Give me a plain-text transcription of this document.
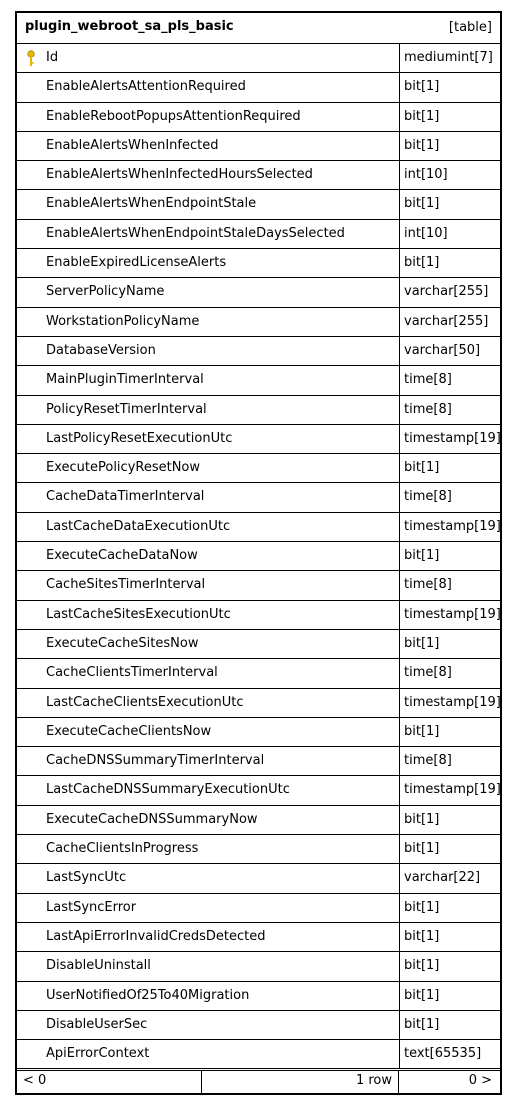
plugin_webroot_sa_pls_basic	[table]
Id	mediumint[7]
EnableAlertsAttentionRequired	bit[1]
EnableRebootPopupsAttentionRequired	bit[1]
EnableAlertsWhenInfected	bit[1]
EnableAlertsWhenInfectedHoursSelected	int[10]
EnableAlertsWhenEndpointStale	bit[1]
EnableAlertsWhenEndpointStaleDaysSelected	int[10]
EnableExpiredLicenseAlerts	bit[1]
ServerPolicyName	varchar[255]
WorkstationPolicyName	varchar[255]
DatabaseVersion	varchar[50]
MainPluginTimerInterval	time[8]
PolicyResetTimerInterval	time[8]
LastPolicyResetExecutionUtc	timestamp[19]
ExecutePolicyResetNow	bit[1]
CacheDataTimerInterval	time[8]
LastCacheDataExecutionUtc	timestamp[19]
ExecuteCacheDataNow	bit[1]
CacheSitesTimerInterval	time[8]
LastCacheSitesExecutionUtc	timestamp[19]
ExecuteCacheSitesNow	bit[1]
CacheClientsTimerInterval	time[8]
LastCacheClientsExecutionUtc	timestamp[19]
ExecuteCacheClientsNow	bit[1]
CacheDNSSummaryTimerInterval	time[8]
LastCacheDNSSummaryExecutionUtc	timestamp[19]
ExecuteCacheDNSSummaryNow	bit[1]
CacheClientsInProgress	bit[1]
LastSyncUtc	varchar[22]
LastSyncError	bit[1]
LastApiErrorInvalidCredsDetected	bit[1]
DisableUninstall	bit[1]
UserNotifiedOf25To40Migration	bit[1]
DisableUserSec	bit[1]
ApiErrorContext	text[65535]
< 0	1 row	0 >
